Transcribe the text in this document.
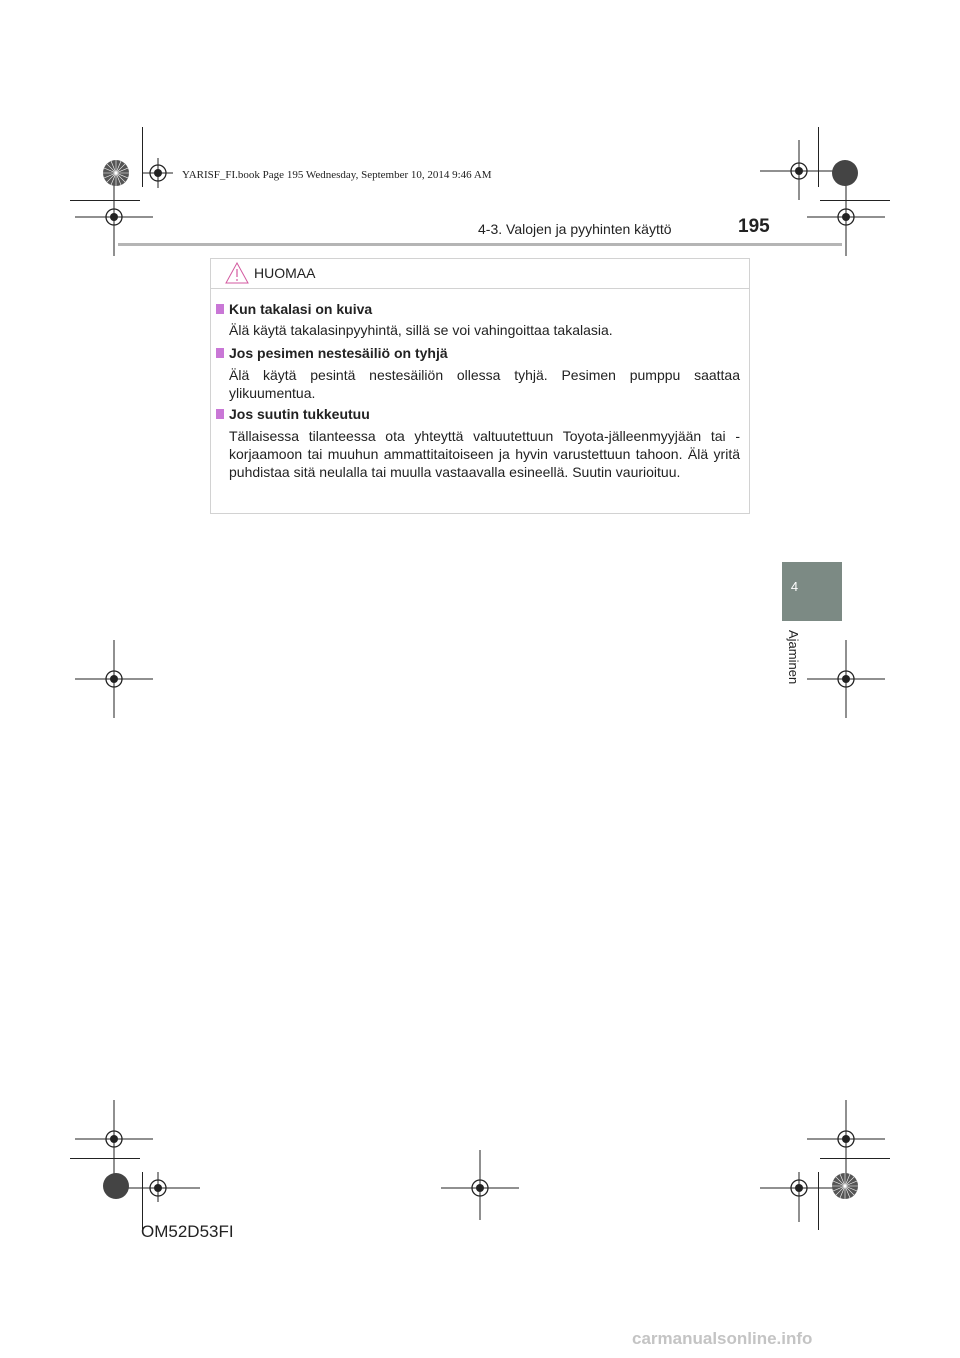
YARISF_FI.book Page 195 Wednesday, September 10, 2014 9:46 AM
4-3. Valojen ja pyyhinten käyttö	195
4
Ajaminen
HUOMAA
Kun takalasi on kuiva
Älä käytä takalasinpyyhintä, sillä se voi vahingoittaa takalasia.
Jos pesimen nestesäiliö on tyhjä
Älä käytä pesintä nestesäiliön ollessa tyhjä. Pesimen pumppu saattaa ylikuumentua.
Jos suutin tukkeutuu
Tällaisessa tilanteessa ota yhteyttä valtuutettuun Toyota-jälleenmyyjään tai -korjaamoon tai muuhun ammattitaitoiseen ja hyvin varustettuun tahoon. Älä yritä puhdistaa sitä neulalla tai muulla vastaavalla esineellä. Suutin vaurioituu.
OM52D53FI
carmanualsonline.info
